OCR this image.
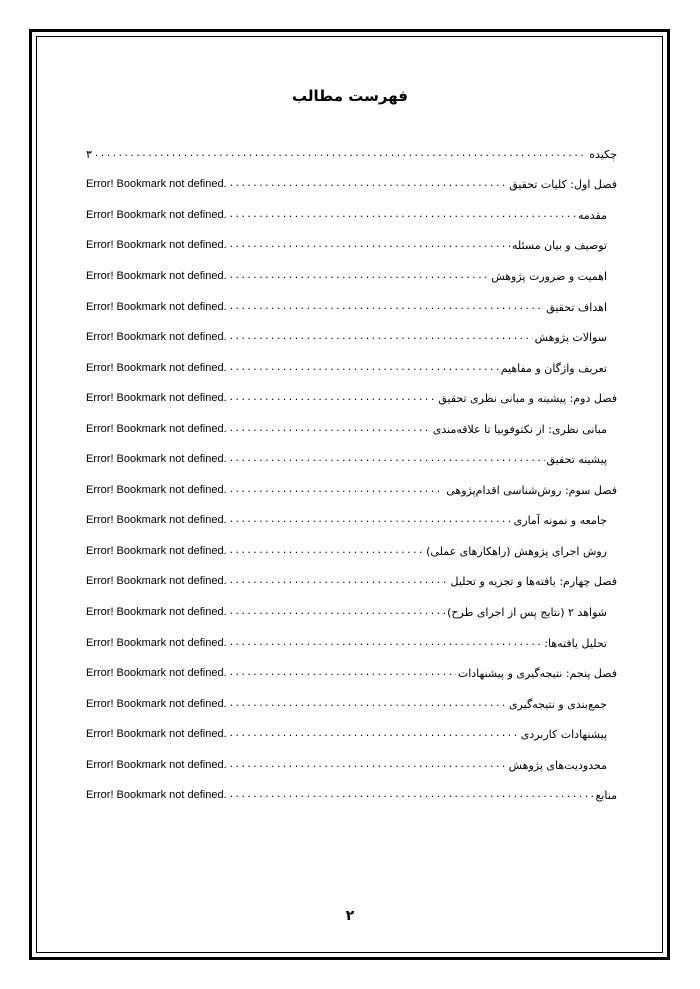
فهرست مطالب
چکیده
.....
۳
فصل اول: کلیات تحقیق
.....
Error! Bookmark not defined.
مقدمه
.....
Error! Bookmark not defined.
توصیف و بیان مسئله
.....
Error! Bookmark not defined.
اهمیت و ضرورت پژوهش
.....
Error! Bookmark not defined.
اهداف تحقیق
.....
Error! Bookmark not defined.
سوالات پژوهش
.....
Error! Bookmark not defined.
تعریف واژگان و مفاهیم
.....
Error! Bookmark not defined.
فصل دوم: پیشینه و مبانی نظری تحقیق
.....
Error! Bookmark not defined.
مبانی نظری: از نکتوفوبیا تا علاقه‌مندی
.....
Error! Bookmark not defined.
پیشینه تحقیق
.....
Error! Bookmark not defined.
فصل سوم: روش‌شناسی اقدام‌پژوهی
.....
Error! Bookmark not defined.
جامعه و نمونه آماری
.....
Error! Bookmark not defined.
روش اجرای پژوهش (راهکارهای عملی)
.....
Error! Bookmark not defined.
فصل چهارم: یافته‌ها و تجزیه و تحلیل
.....
Error! Bookmark not defined.
شواهد ۲ (نتایج پس از اجرای طرح)
.....
Error! Bookmark not defined.
تحلیل یافته‌ها:
.....
Error! Bookmark not defined.
فصل پنجم: نتیجه‌گیری و پیشنهادات
.....
Error! Bookmark not defined.
جمع‌بندی و نتیجه‌گیری
.....
Error! Bookmark not defined.
پیشنهادات کاربردی
.....
Error! Bookmark not defined.
محدودیت‌های پژوهش
.....
Error! Bookmark not defined.
منابع
.....
Error! Bookmark not defined.
۲
